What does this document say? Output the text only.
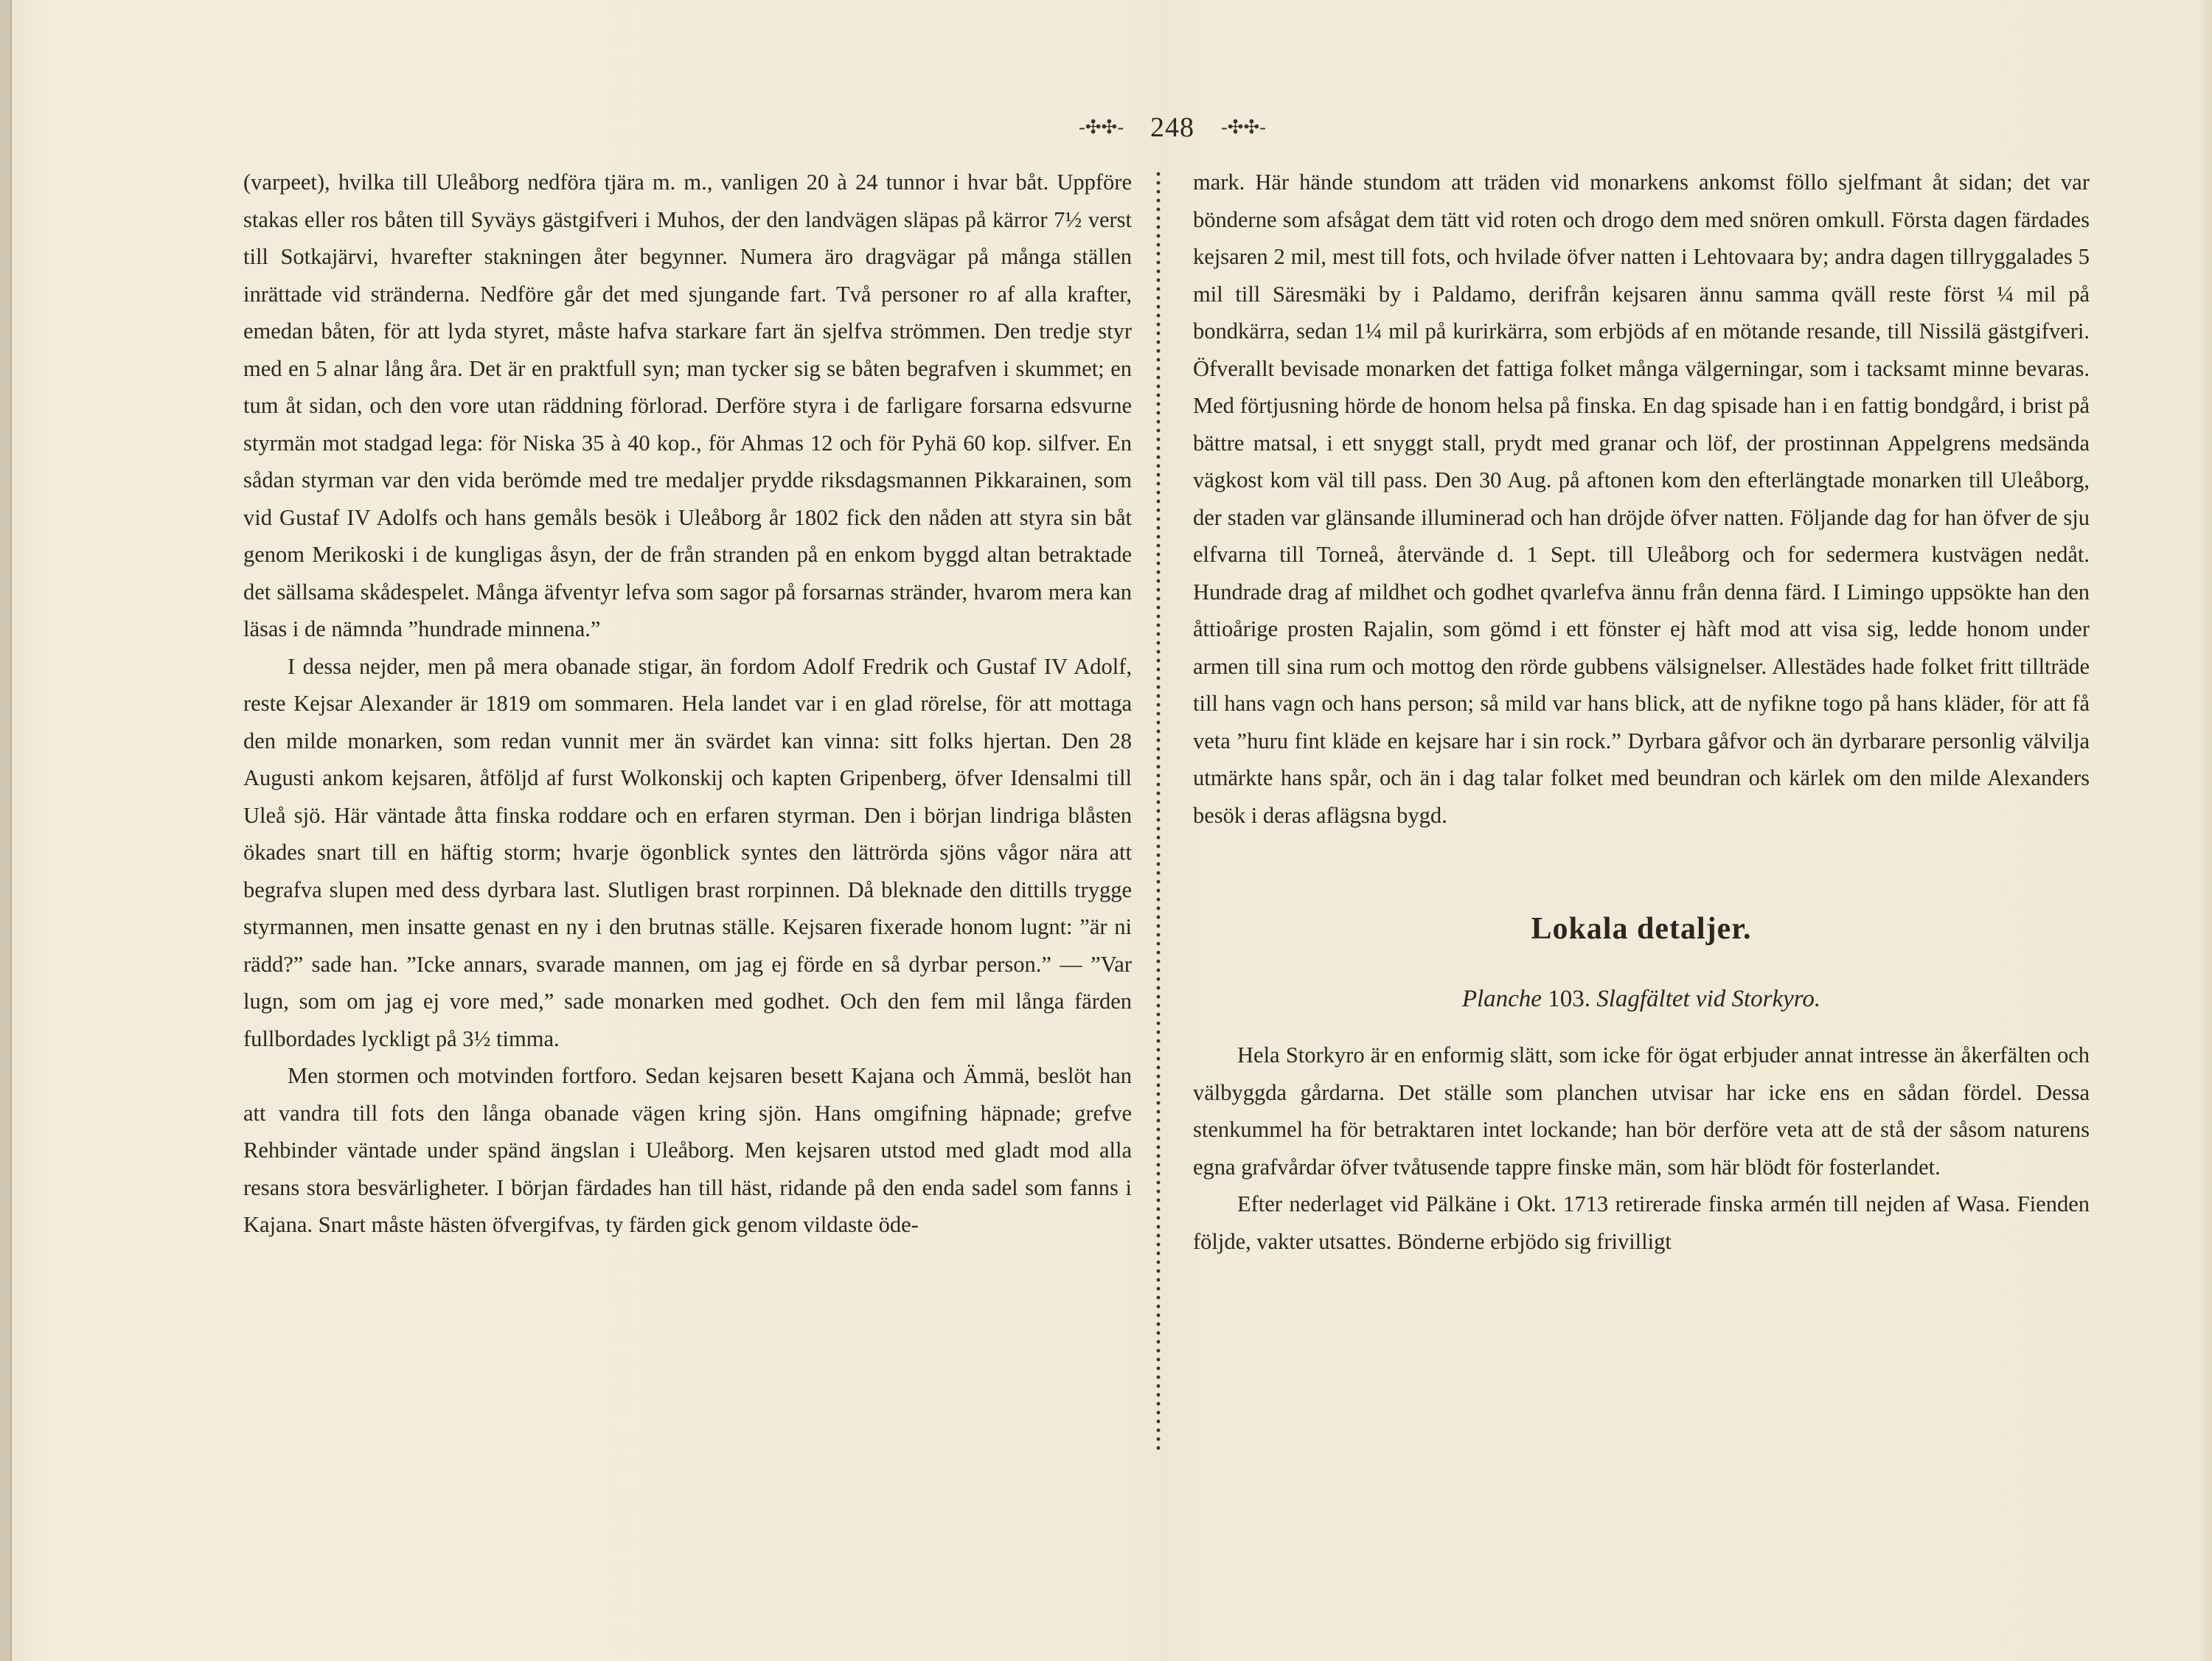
-✣✣- 248 -✣✣-

(varpeet), hvilka till Uleåborg nedföra tjära m. m., vanligen 20 à 24 tunnor i hvar båt. Uppföre stakas eller ros båten till Syväys gästgifveri i Muhos, der den landvägen släpas på kärror 7½ verst till Sotkajärvi, hvarefter stakningen åter begynner. Numera äro dragvägar på många ställen inrättade vid stränderna. Nedföre går det med sjungande fart. Två personer ro af alla krafter, emedan båten, för att lyda styret, måste hafva starkare fart än sjelfva strömmen. Den tredje styr med en 5 alnar lång åra. Det är en praktfull syn; man tycker sig se båten begrafven i skummet; en tum åt sidan, och den vore utan räddning förlorad. Derföre styra i de farligare forsarna edsvurne styrmän mot stadgad lega: för Niska 35 à 40 kop., för Ahmas 12 och för Pyhä 60 kop. silfver. En sådan styrman var den vida berömde med tre medaljer prydde riksdagsmannen Pikkarainen, som vid Gustaf IV Adolfs och hans gemåls besök i Uleåborg år 1802 fick den nåden att styra sin båt genom Merikoski i de kungligas åsyn, der de från stranden på en enkom byggd altan betraktade det sällsama skådespelet. Många äfventyr lefva som sagor på forsarnas stränder, hvarom mera kan läsas i de nämnda ”hundrade minnena.”

I dessa nejder, men på mera obanade stigar, än fordom Adolf Fredrik och Gustaf IV Adolf, reste Kejsar Alexander är 1819 om sommaren. Hela landet var i en glad rörelse, för att mottaga den milde monarken, som redan vunnit mer än svärdet kan vinna: sitt folks hjertan. Den 28 Augusti ankom kejsaren, åtföljd af furst Wolkonskij och kapten Gripenberg, öfver Idensalmi till Uleå sjö. Här väntade åtta finska roddare och en erfaren styrman. Den i början lindriga blåsten ökades snart till en häftig storm; hvarje ögonblick syntes den lättrörda sjöns vågor nära att begrafva slupen med dess dyrbara last. Slutligen brast rorpinnen. Då bleknade den dittills trygge styrmannen, men insatte genast en ny i den brutnas ställe. Kejsaren fixerade honom lugnt: ”är ni rädd?” sade han. ”Icke annars, svarade mannen, om jag ej förde en så dyrbar person.” — ”Var lugn, som om jag ej vore med,” sade monarken med godhet. Och den fem mil långa färden fullbordades lyckligt på 3½ timma.

Men stormen och motvinden fortforo. Sedan kejsaren besett Kajana och Ämmä, beslöt han att vandra till fots den långa obanade vägen kring sjön. Hans omgifning häpnade; grefve Rehbinder väntade under spänd ängslan i Uleåborg. Men kejsaren utstod med gladt mod alla resans stora besvärligheter. I början färdades han till häst, ridande på den enda sadel som fanns i Kajana. Snart måste hästen öfvergifvas, ty färden gick genom vildaste öde-

mark. Här hände stundom att träden vid monarkens ankomst föllo sjelfmant åt sidan; det var bönderne som afsågat dem tätt vid roten och drogo dem med snören omkull. Första dagen färdades kejsaren 2 mil, mest till fots, och hvilade öfver natten i Lehtovaara by; andra dagen tillryggalades 5 mil till Säresmäki by i Paldamo, derifrån kejsaren ännu samma qväll reste först ¼ mil på bondkärra, sedan 1¼ mil på kurirkärra, som erbjöds af en mötande resande, till Nissilä gästgifveri. Öfverallt bevisade monarken det fattiga folket många välgerningar, som i tacksamt minne bevaras. Med förtjusning hörde de honom helsa på finska. En dag spisade han i en fattig bondgård, i brist på bättre matsal, i ett snyggt stall, prydt med granar och löf, der prostinnan Appelgrens medsända vägkost kom väl till pass. Den 30 Aug. på aftonen kom den efterlängtade monarken till Uleåborg, der staden var glänsande illuminerad och han dröjde öfver natten. Följande dag for han öfver de sju elfvarna till Torneå, återvände d. 1 Sept. till Uleåborg och for sedermera kustvägen nedåt. Hundrade drag af mildhet och godhet qvarlefva ännu från denna färd. I Limingo uppsökte han den åttioårige prosten Rajalin, som gömd i ett fönster ej hàft mod att visa sig, ledde honom under armen till sina rum och mottog den rörde gubbens välsignelser. Allestädes hade folket fritt tillträde till hans vagn och hans person; så mild var hans blick, att de nyfikne togo på hans kläder, för att få veta ”huru fint kläde en kejsare har i sin rock.” Dyrbara gåfvor och än dyrbarare personlig välvilja utmärkte hans spår, och än i dag talar folket med beundran och kärlek om den milde Alexanders besök i deras aflägsna bygd.

Lokala detaljer.

Planche 103. Slagfältet vid Storkyro.

Hela Storkyro är en enformig slätt, som icke för ögat erbjuder annat intresse än åkerfälten och välbyggda gårdarna. Det ställe som planchen utvisar har icke ens en sådan fördel. Dessa stenkummel ha för betraktaren intet lockande; han bör derföre veta att de stå der såsom naturens egna grafvårdar öfver tvåtusende tappre finske män, som här blödt för fosterlandet.

Efter nederlaget vid Pälkäne i Okt. 1713 retirerade finska armén till nejden af Wasa. Fienden följde, vakter utsattes. Bönderne erbjödo sig frivilligt
